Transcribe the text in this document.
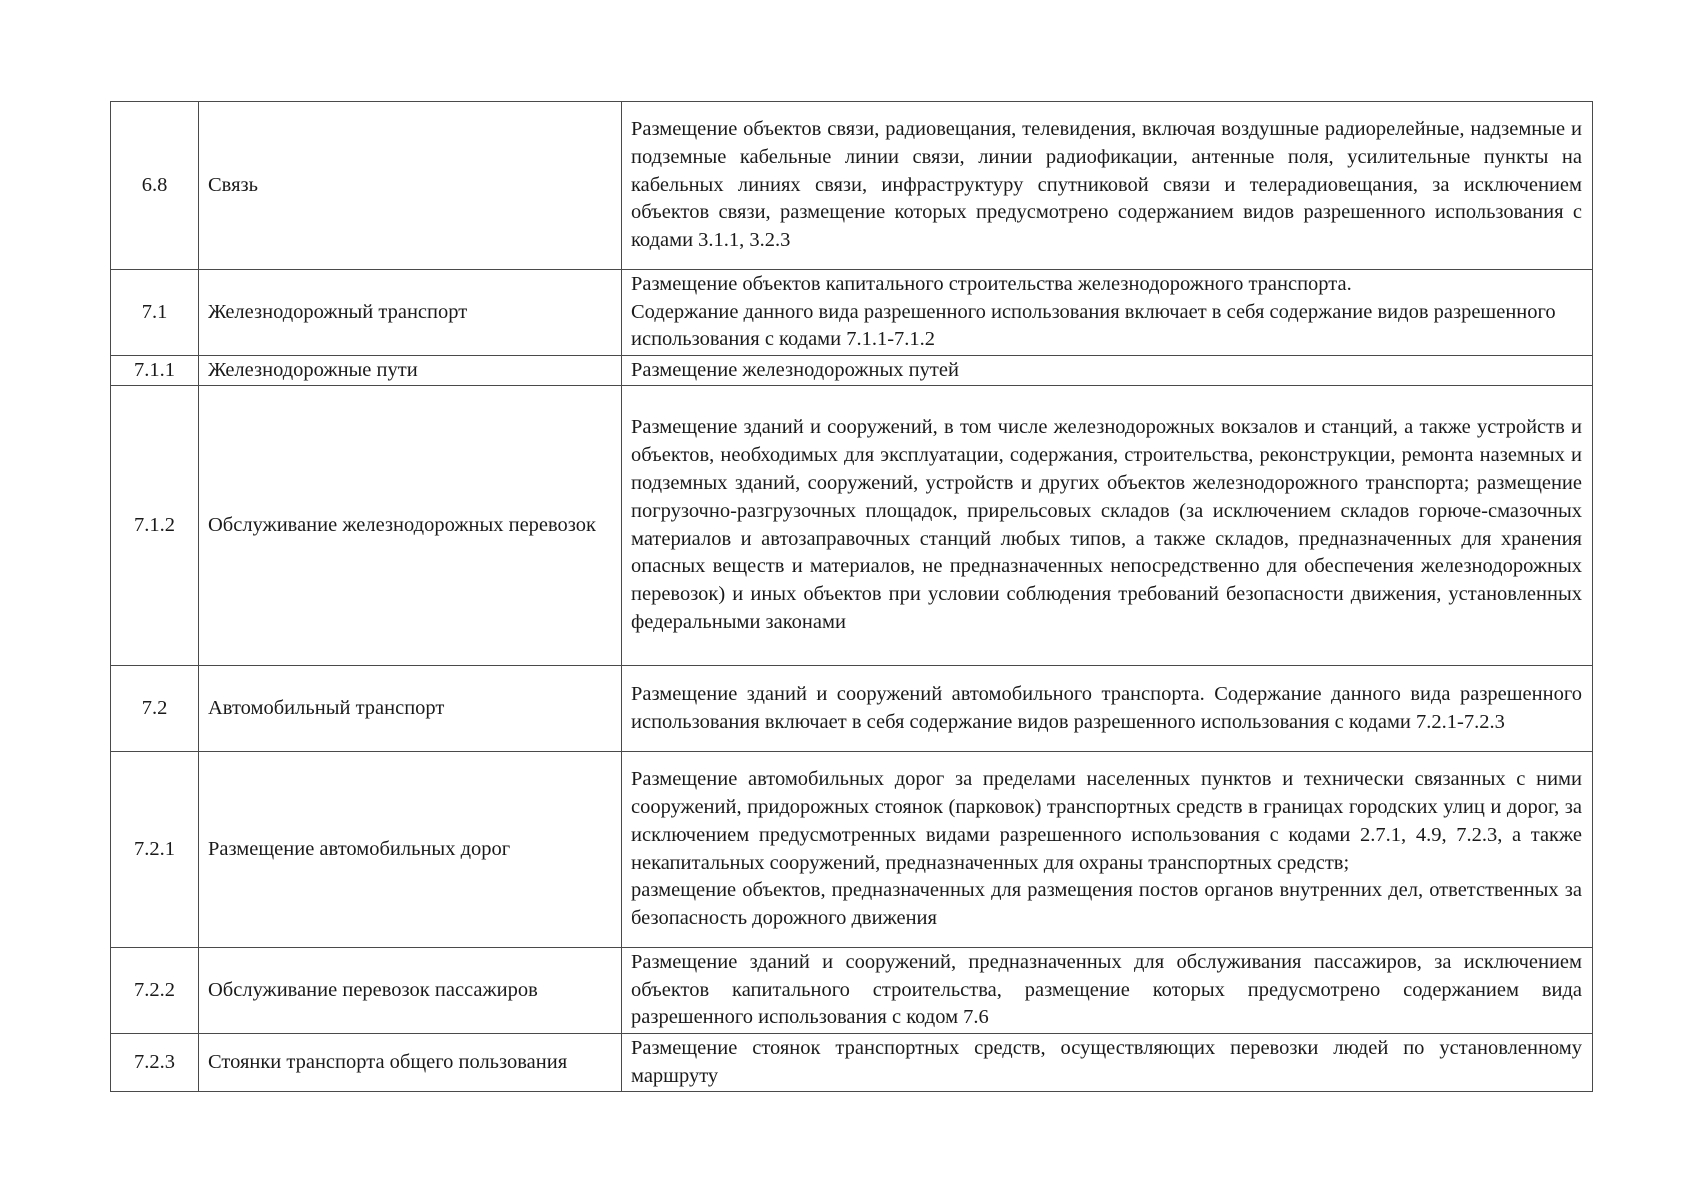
6.8	Связь	Размещение объектов связи, радиовещания, телевидения, включая воздушные радиорелейные, надземные и подземные кабельные линии связи, линии радиофикации, антенные поля, усилительные пункты на кабельных линиях связи, инфраструктуру спутниковой связи и телерадиовещания, за исключением объектов связи, размещение которых предусмотрено содержанием видов разрешенного использования с кодами 3.1.1, 3.2.3

7.1	Железнодорожный транспорт	Размещение объектов капитального строительства железнодорожного транспорта.
Содержание данного вида разрешенного использования включает в себя содержание видов разрешенного использования с кодами 7.1.1-7.1.2

7.1.1	Железнодорожные пути	Размещение железнодорожных путей

7.1.2	Обслуживание железнодорожных перевозок	Размещение зданий и сооружений, в том числе железнодорожных вокзалов и станций, а также устройств и объектов, необходимых для эксплуатации, содержания, строительства, реконструкции, ремонта наземных и подземных зданий, сооружений, устройств и других объектов железнодорожного транспорта; размещение погрузочно-разгрузочных площадок, прирельсовых складов (за исключением складов горюче-смазочных материалов и автозаправочных станций любых типов, а также складов, предназначенных для хранения опасных веществ и материалов, не предназначенных непосредственно для обеспечения железнодорожных перевозок) и иных объектов при условии соблюдения требований безопасности движения, установленных федеральными законами

7.2	Автомобильный транспорт	Размещение зданий и сооружений автомобильного транспорта. Содержание данного вида разрешенного использования включает в себя содержание видов разрешенного использования с кодами 7.2.1-7.2.3

7.2.1	Размещение автомобильных дорог	Размещение автомобильных дорог за пределами населенных пунктов и технически связанных с ними сооружений, придорожных стоянок (парковок) транспортных средств в границах городских улиц и дорог, за исключением предусмотренных видами разрешенного использования с кодами 2.7.1, 4.9, 7.2.3, а также некапитальных сооружений, предназначенных для охраны транспортных средств;
размещение объектов, предназначенных для размещения постов органов внутренних дел, ответственных за безопасность дорожного движения

7.2.2	Обслуживание перевозок пассажиров	Размещение зданий и сооружений, предназначенных для обслуживания пассажиров, за исключением объектов капитального строительства, размещение которых предусмотрено содержанием вида разрешенного использования с кодом 7.6

7.2.3	Стоянки транспорта общего пользования	Размещение стоянок транспортных средств, осуществляющих перевозки людей по установленному маршруту
